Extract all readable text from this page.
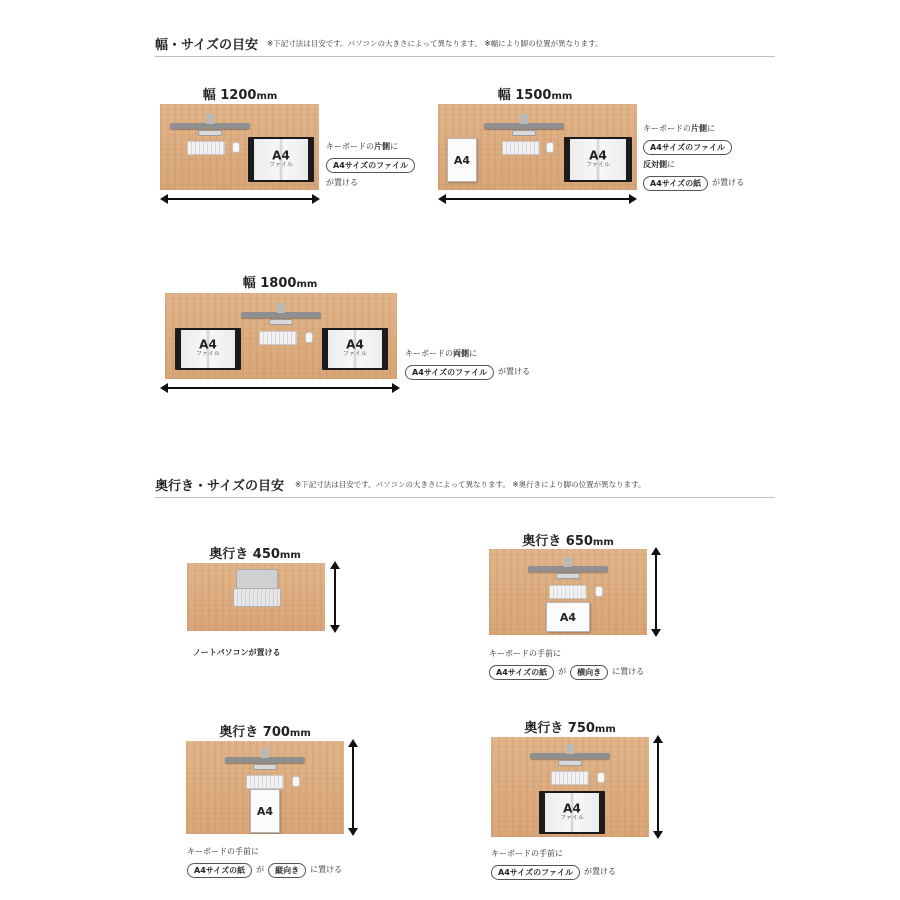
幅・サイズの目安 ※下記寸法は目安です。パソコンの大きさによって異なります。 ※幅により脚の位置が異なります。
幅 1200mm
A4
ファイル
キーボードの 片側 に
A4サイズのファイル
が置ける
幅 1500mm
A4	A4
ファイル
キーボードの 片側 に
A4サイズのファイル
反対側 に
A4サイズの紙	が置ける
幅 1800mm
A4
ファイル
A4
ファイル	キーボードの 両側 に
A4サイズのファイル	が置ける
奥行き・サイズの目安 ※下記寸法は目安です。パソコンの大きさによって異なります。 ※奥行きにより脚の位置が異なります。
奥行き 450mm
ノートパソコンが置ける
奥行き 650mm
A4
キーボードの手前に
A4サイズの紙	が	横向き	に置ける
奥行き 700mm
A4
キーボードの手前に
A4サイズの紙	が	縦向き	に置ける
奥行き 750mm
A4
ファイル
キーボードの手前に
A4サイズのファイル	が置ける
